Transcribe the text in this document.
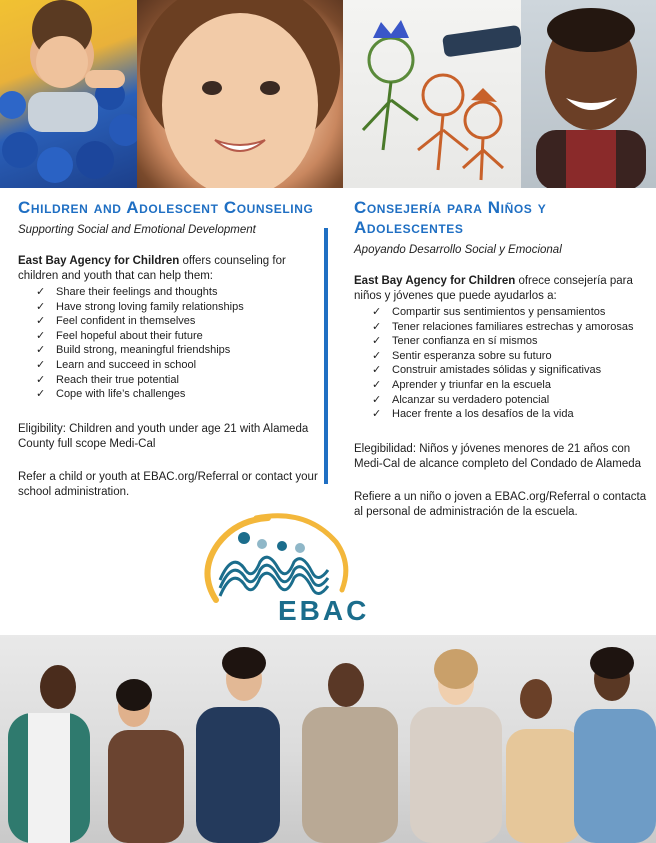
Children and Adolescent Counseling
Supporting Social and Emotional Development
East Bay Agency for Children offers counseling for children and youth that can help them:
✓ Share their feelings and thoughts
✓ Have strong loving family relationships
✓ Feel confident in themselves
✓ Feel hopeful about their future
✓ Build strong, meaningful friendships
✓ Learn and succeed in school
✓ Reach their true potential
✓ Cope with life’s challenges
Eligibility: Children and youth under age 21 with Alameda County full scope Medi-Cal
Refer a child or youth at EBAC.org/Referral or contact your school administration.
Consejería para Niños y Adolescentes
Apoyando Desarrollo Social y Emocional
East Bay Agency for Children ofrece consejería para niños y jóvenes que puede ayudarlos a:
✓ Compartir sus sentimientos y pensamientos
✓ Tener relaciones familiares estrechas y amorosas
✓ Tener confianza en sí mismos
✓ Sentir esperanza sobre su futuro
✓ Construir amistades sólidas y significativas
✓ Aprender y triunfar en la escuela
✓ Alcanzar su verdadero potencial
✓ Hacer frente a los desafíos de la vida
Elegibilidad: Niños y jóvenes menores de 21 años con Medi-Cal de alcance completo del Condado de Alameda
Refiere a un niño o joven a EBAC.org/Referral o contacta al personal de administración de la escuela.
EBAC
